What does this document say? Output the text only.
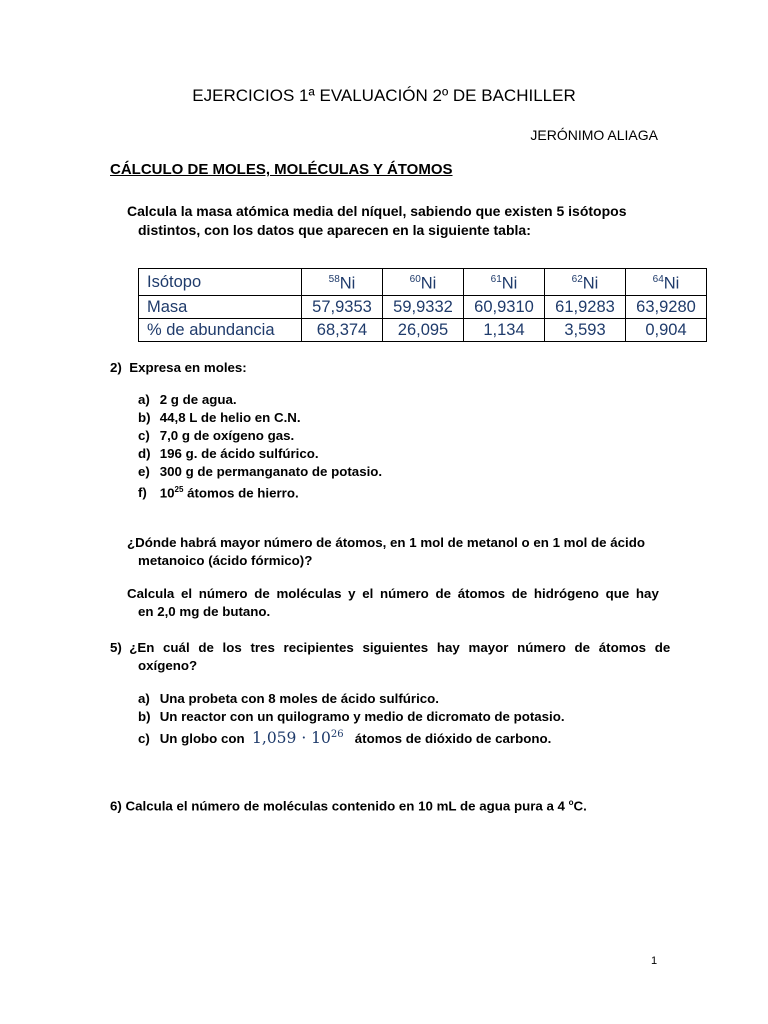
EJERCICIOS 1ª EVALUACIÓN 2º DE BACHILLER
JERÓNIMO ALIAGA
CÁLCULO DE MOLES, MOLÉCULAS Y ÁTOMOS
Calcula la masa atómica media del níquel, sabiendo que existen 5 isótopos
distintos, con los datos que aparecen en la siguiente tabla:
Isótopo	$^{58}$Ni	$^{60}$Ni	$^{61}$Ni	$^{62}$Ni	$^{64}$Ni
Masa	57,9353	59,9332	60,9310	61,9283	63,9280
% de abundancia	68,374	26,095	1,134	3,593	0,904
2) Expresa en moles:
a) 2 g de agua.
b) 44,8 L de helio en C.N.
c) 7,0 g de oxígeno gas.
d) 196 g. de ácido sulfúrico.
e) 300 g de permanganato de potasio.
f) $10^{25}$ átomos de hierro.
¿Dónde habrá mayor número de átomos, en 1 mol de metanol o en 1 mol de ácido
metanoico (ácido fórmico)?
Calcula el número de moléculas y el número de átomos de hidrógeno que hay
en 2,0 mg de butano.
5) ¿En cuál de los tres recipientes siguientes hay mayor número de átomos de
oxígeno?
a) Una probeta con 8 moles de ácido sulfúrico.
b) Un reactor con un quilogramo y medio de dicromato de potasio.
c) Un globo con $1,059 \cdot 10^{26}$ átomos de dióxido de carbono.
6) Calcula el número de moléculas contenido en 10 mL de agua pura a 4 $^o$C.
1
